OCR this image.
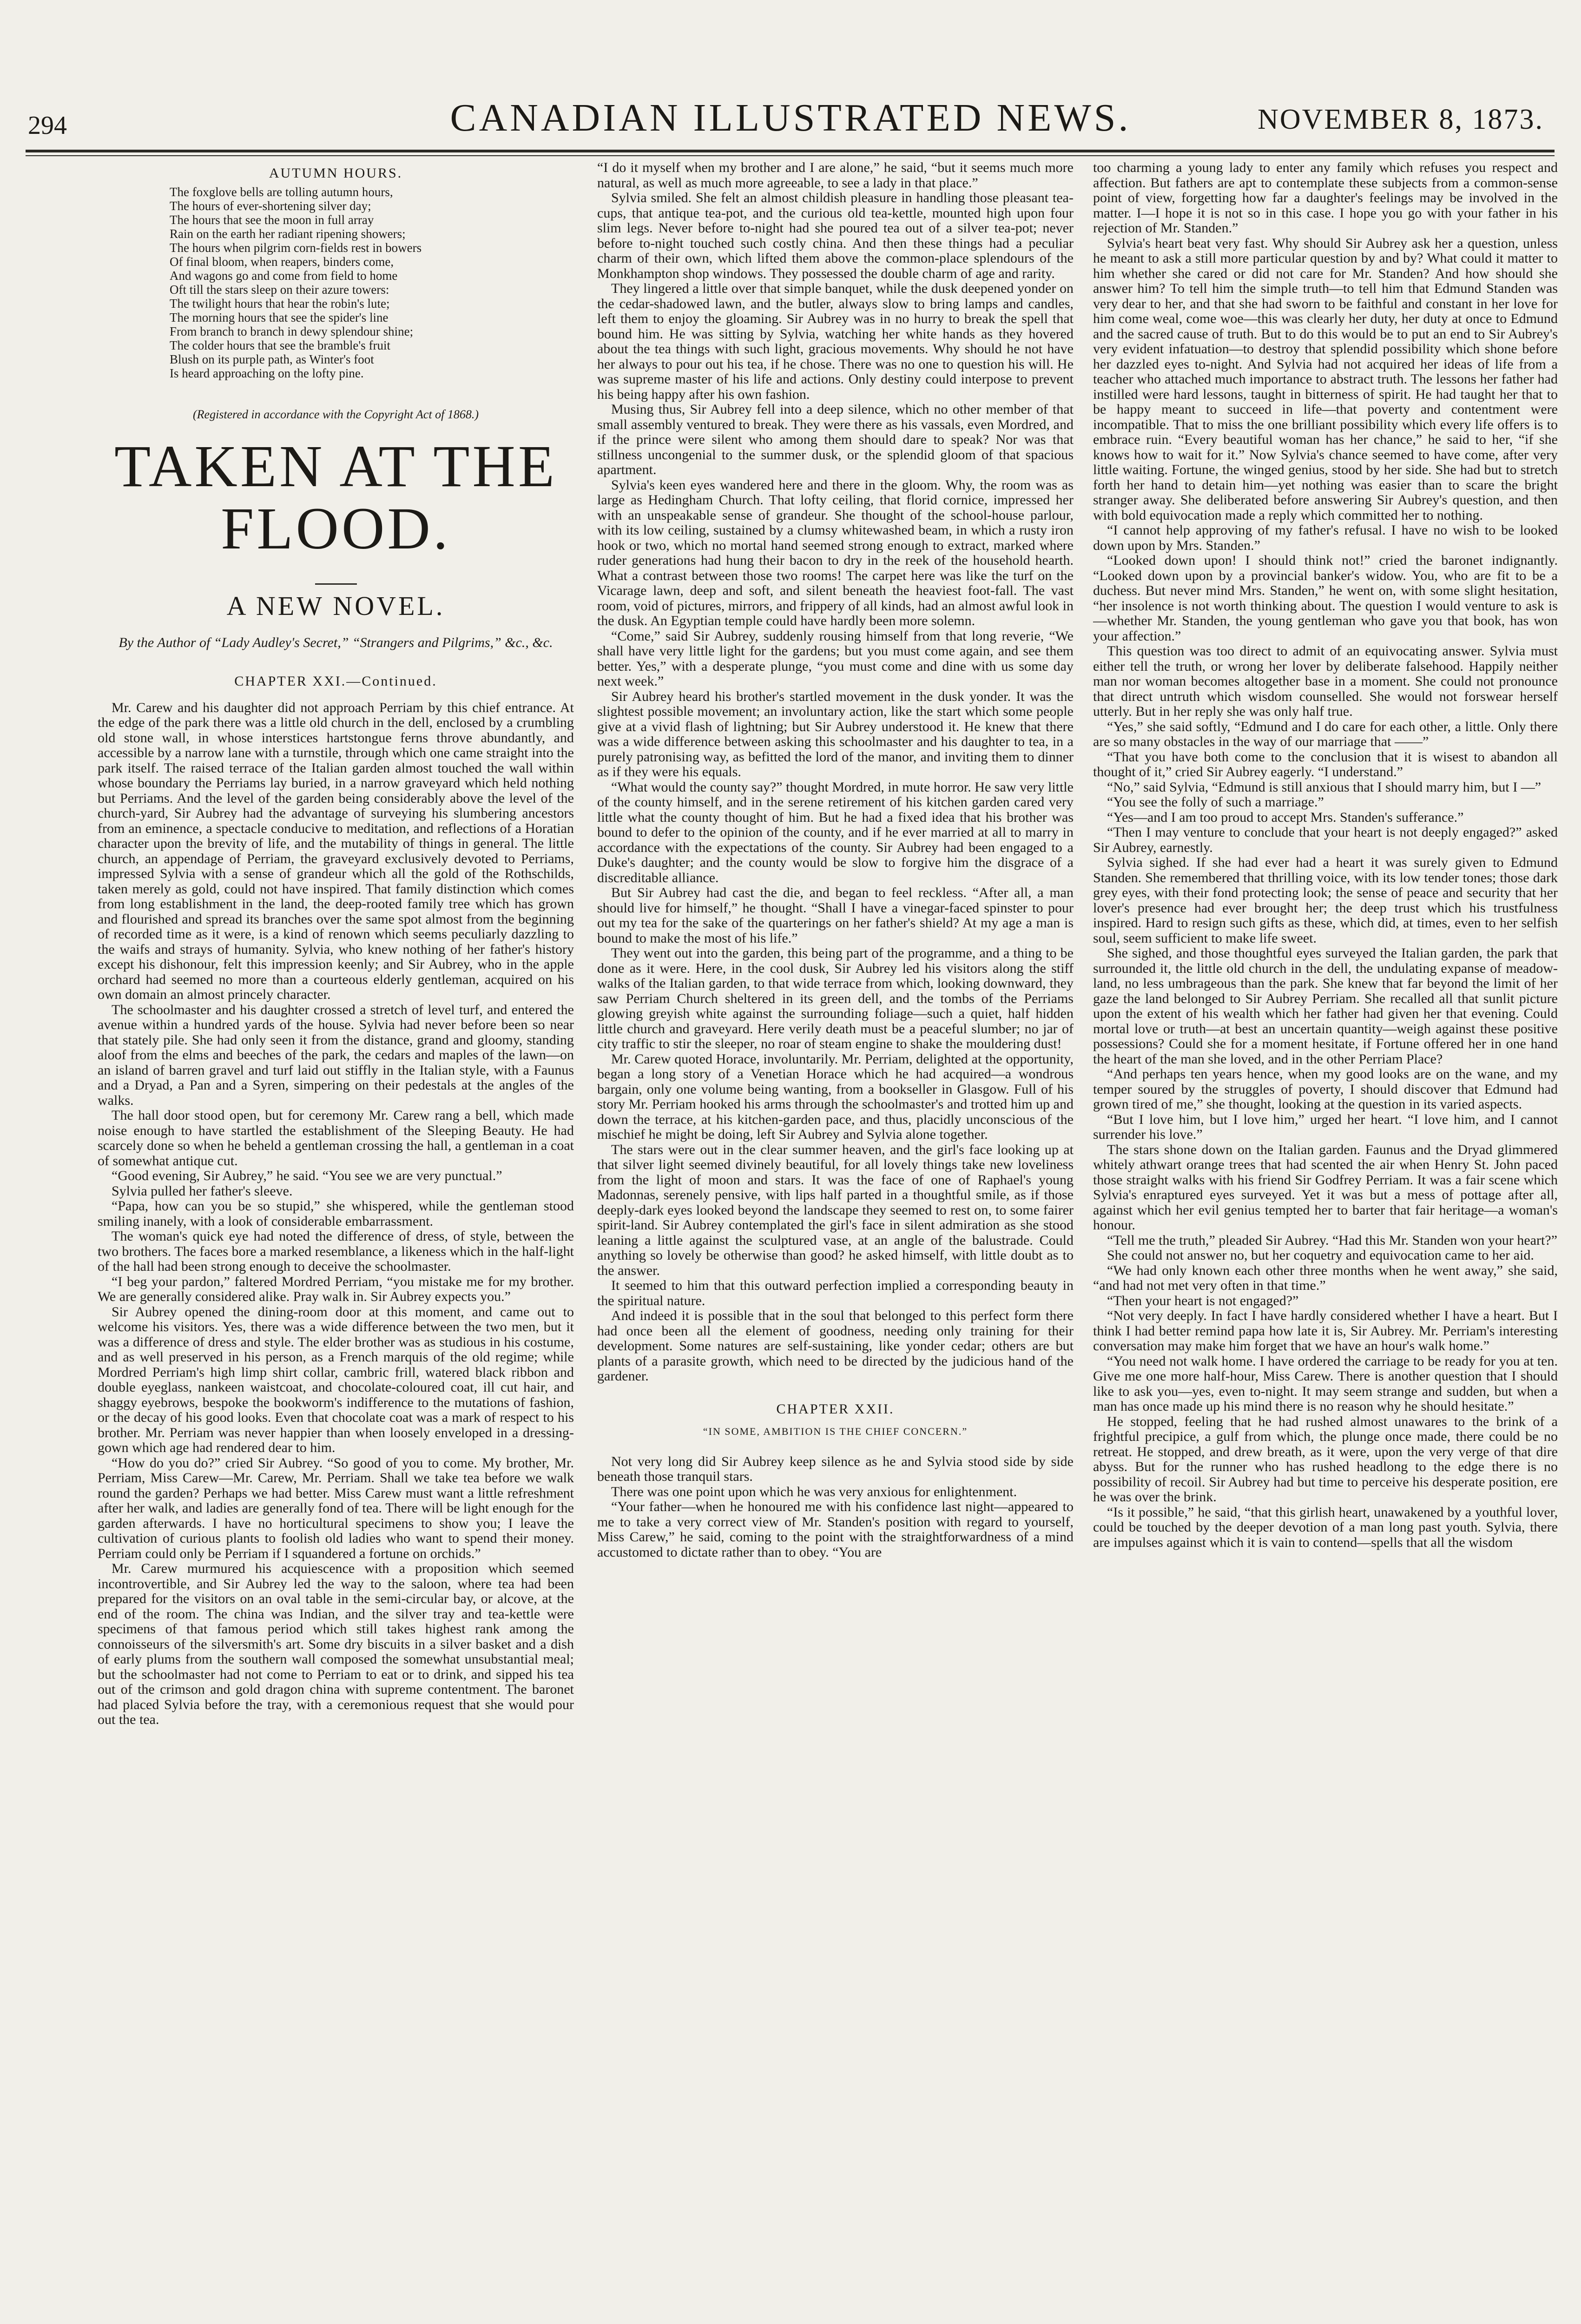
294	CANADIAN ILLUSTRATED NEWS.	NOVEMBER 8, 1873.
AUTUMN HOURS.
The foxglove bells are tolling autumn hours,
The hours of ever-shortening silver day;
The hours that see the moon in full array
Rain on the earth her radiant ripening showers;
The hours when pilgrim corn-fields rest in bowers
Of final bloom, when reapers, binders come,
And wagons go and come from field to home
Oft till the stars sleep on their azure towers:
The twilight hours that hear the robin's lute;
The morning hours that see the spider's line
From branch to branch in dewy splendour shine;
The colder hours that see the bramble's fruit
Blush on its purple path, as Winter's foot
Is heard approaching on the lofty pine.
(Registered in accordance with the Copyright Act of 1868.)
TAKEN AT THE FLOOD.
A NEW NOVEL.
By the Author of “Lady Audley's Secret,” “Strangers and Pilgrims,” &c., &c.
CHAPTER XXI.—Continued.

Mr. Carew and his daughter did not approach Perriam by this chief entrance. At the edge of the park there was a little old church in the dell, enclosed by a crumbling old stone wall, in whose interstices hartstongue ferns throve abundantly, and accessible by a narrow lane with a turnstile, through which one came straight into the park itself. The raised terrace of the Italian garden almost touched the wall within whose boundary the Perriams lay buried, in a narrow graveyard which held nothing but Perriams. And the level of the garden being considerably above the level of the church-yard, Sir Aubrey had the advantage of surveying his slumbering ancestors from an eminence, a spectacle conducive to meditation, and reflections of a Horatian character upon the brevity of life, and the mutability of things in general. The little church, an appendage of Perriam, the graveyard exclusively devoted to Perriams, impressed Sylvia with a sense of grandeur which all the gold of the Rothschilds, taken merely as gold, could not have inspired. That family distinction which comes from long establishment in the land, the deep-rooted family tree which has grown and flourished and spread its branches over the same spot almost from the beginning of recorded time as it were, is a kind of renown which seems peculiarly dazzling to the waifs and strays of humanity. Sylvia, who knew nothing of her father's history except his dishonour, felt this impression keenly; and Sir Aubrey, who in the apple orchard had seemed no more than a courteous elderly gentleman, acquired on his own domain an almost princely character.

The schoolmaster and his daughter crossed a stretch of level turf, and entered the avenue within a hundred yards of the house. Sylvia had never before been so near that stately pile. She had only seen it from the distance, grand and gloomy, standing aloof from the elms and beeches of the park, the cedars and maples of the lawn—on an island of barren gravel and turf laid out stiffly in the Italian style, with a Faunus and a Dryad, a Pan and a Syren, simpering on their pedestals at the angles of the walks.

The hall door stood open, but for ceremony Mr. Carew rang a bell, which made noise enough to have startled the establishment of the Sleeping Beauty. He had scarcely done so when he beheld a gentleman crossing the hall, a gentleman in a coat of somewhat antique cut.

“Good evening, Sir Aubrey,” he said. “You see we are very punctual.”

Sylvia pulled her father's sleeve.

“Papa, how can you be so stupid,” she whispered, while the gentleman stood smiling inanely, with a look of considerable embarrassment.

The woman's quick eye had noted the difference of dress, of style, between the two brothers. The faces bore a marked resemblance, a likeness which in the half-light of the hall had been strong enough to deceive the schoolmaster.

“I beg your pardon,” faltered Mordred Perriam, “you mistake me for my brother. We are generally considered alike. Pray walk in. Sir Aubrey expects you.”

Sir Aubrey opened the dining-room door at this moment, and came out to welcome his visitors. Yes, there was a wide difference between the two men, but it was a difference of dress and style. The elder brother was as studious in his costume, and as well preserved in his person, as a French marquis of the old regime; while Mordred Perriam's high limp shirt collar, cambric frill, watered black ribbon and double eyeglass, nankeen waistcoat, and chocolate-coloured coat, ill cut hair, and shaggy eyebrows, bespoke the bookworm's indifference to the mutations of fashion, or the decay of his good looks. Even that chocolate coat was a mark of respect to his brother. Mr. Perriam was never happier than when loosely enveloped in a dressing-gown which age had rendered dear to him.

“How do you do?” cried Sir Aubrey. “So good of you to come. My brother, Mr. Perriam, Miss Carew—Mr. Carew, Mr. Perriam. Shall we take tea before we walk round the garden? Perhaps we had better. Miss Carew must want a little refreshment after her walk, and ladies are generally fond of tea. There will be light enough for the garden afterwards. I have no horticultural specimens to show you; I leave the cultivation of curious plants to foolish old ladies who want to spend their money. Perriam could only be Perriam if I squandered a fortune on orchids.”

Mr. Carew murmured his acquiescence with a proposition which seemed incontrovertible, and Sir Aubrey led the way to the saloon, where tea had been prepared for the visitors on an oval table in the semi-circular bay, or alcove, at the end of the room. The china was Indian, and the silver tray and tea-kettle were specimens of that famous period which still takes highest rank among the connoisseurs of the silversmith's art. Some dry biscuits in a silver basket and a dish of early plums from the southern wall composed the somewhat unsubstantial meal; but the schoolmaster had not come to Perriam to eat or to drink, and sipped his tea out of the crimson and gold dragon china with supreme contentment. The baronet had placed Sylvia before the tray, with a ceremonious request that she would pour out the tea.

“I do it myself when my brother and I are alone,” he said, “but it seems much more natural, as well as much more agreeable, to see a lady in that place.”

Sylvia smiled. She felt an almost childish pleasure in handling those pleasant tea-cups, that antique tea-pot, and the curious old tea-kettle, mounted high upon four slim legs. Never before to-night had she poured tea out of a silver tea-pot; never before to-night touched such costly china. And then these things had a peculiar charm of their own, which lifted them above the common-place splendours of the Monkhampton shop windows. They possessed the double charm of age and rarity.

They lingered a little over that simple banquet, while the dusk deepened yonder on the cedar-shadowed lawn, and the butler, always slow to bring lamps and candles, left them to enjoy the gloaming. Sir Aubrey was in no hurry to break the spell that bound him. He was sitting by Sylvia, watching her white hands as they hovered about the tea things with such light, gracious movements. Why should he not have her always to pour out his tea, if he chose. There was no one to question his will. He was supreme master of his life and actions. Only destiny could interpose to prevent his being happy after his own fashion.

Musing thus, Sir Aubrey fell into a deep silence, which no other member of that small assembly ventured to break. They were there as his vassals, even Mordred, and if the prince were silent who among them should dare to speak? Nor was that stillness uncongenial to the summer dusk, or the splendid gloom of that spacious apartment.

Sylvia's keen eyes wandered here and there in the gloom. Why, the room was as large as Hedingham Church. That lofty ceiling, that florid cornice, impressed her with an unspeakable sense of grandeur. She thought of the school-house parlour, with its low ceiling, sustained by a clumsy whitewashed beam, in which a rusty iron hook or two, which no mortal hand seemed strong enough to extract, marked where ruder generations had hung their bacon to dry in the reek of the household hearth. What a contrast between those two rooms! The carpet here was like the turf on the Vicarage lawn, deep and soft, and silent beneath the heaviest foot-fall. The vast room, void of pictures, mirrors, and frippery of all kinds, had an almost awful look in the dusk. An Egyptian temple could have hardly been more solemn.

“Come,” said Sir Aubrey, suddenly rousing himself from that long reverie, “We shall have very little light for the gardens; but you must come again, and see them better. Yes,” with a desperate plunge, “you must come and dine with us some day next week.”

Sir Aubrey heard his brother's startled movement in the dusk yonder. It was the slightest possible movement; an involuntary action, like the start which some people give at a vivid flash of lightning; but Sir Aubrey understood it. He knew that there was a wide difference between asking this schoolmaster and his daughter to tea, in a purely patronising way, as befitted the lord of the manor, and inviting them to dinner as if they were his equals.

“What would the county say?” thought Mordred, in mute horror. He saw very little of the county himself, and in the serene retirement of his kitchen garden cared very little what the county thought of him. But he had a fixed idea that his brother was bound to defer to the opinion of the county, and if he ever married at all to marry in accordance with the expectations of the county. Sir Aubrey had been engaged to a Duke's daughter; and the county would be slow to forgive him the disgrace of a discreditable alliance.

But Sir Aubrey had cast the die, and began to feel reckless. “After all, a man should live for himself,” he thought. “Shall I have a vinegar-faced spinster to pour out my tea for the sake of the quarterings on her father's shield? At my age a man is bound to make the most of his life.”

They went out into the garden, this being part of the programme, and a thing to be done as it were. Here, in the cool dusk, Sir Aubrey led his visitors along the stiff walks of the Italian garden, to that wide terrace from which, looking downward, they saw Perriam Church sheltered in its green dell, and the tombs of the Perriams glowing greyish white against the surrounding foliage—such a quiet, half hidden little church and graveyard. Here verily death must be a peaceful slumber; no jar of city traffic to stir the sleeper, no roar of steam engine to shake the mouldering dust!

Mr. Carew quoted Horace, involuntarily. Mr. Perriam, delighted at the opportunity, began a long story of a Venetian Horace which he had acquired—a wondrous bargain, only one volume being wanting, from a bookseller in Glasgow. Full of his story Mr. Perriam hooked his arms through the schoolmaster's and trotted him up and down the terrace, at his kitchen-garden pace, and thus, placidly unconscious of the mischief he might be doing, left Sir Aubrey and Sylvia alone together.

The stars were out in the clear summer heaven, and the girl's face looking up at that silver light seemed divinely beautiful, for all lovely things take new loveliness from the light of moon and stars. It was the face of one of Raphael's young Madonnas, serenely pensive, with lips half parted in a thoughtful smile, as if those deeply-dark eyes looked beyond the landscape they seemed to rest on, to some fairer spirit-land. Sir Aubrey contemplated the girl's face in silent admiration as she stood leaning a little against the sculptured vase, at an angle of the balustrade. Could anything so lovely be otherwise than good? he asked himself, with little doubt as to the answer.

It seemed to him that this outward perfection implied a corresponding beauty in the spiritual nature.

And indeed it is possible that in the soul that belonged to this perfect form there had once been all the element of goodness, needing only training for their development. Some natures are self-sustaining, like yonder cedar; others are but plants of a parasite growth, which need to be directed by the judicious hand of the gardener.

CHAPTER XXII.
“IN SOME, AMBITION IS THE CHIEF CONCERN.”

Not very long did Sir Aubrey keep silence as he and Sylvia stood side by side beneath those tranquil stars.

There was one point upon which he was very anxious for enlightenment.

“Your father—when he honoured me with his confidence last night—appeared to me to take a very correct view of Mr. Standen's position with regard to yourself, Miss Carew,” he said, coming to the point with the straightforwardness of a mind accustomed to dictate rather than to obey. “You are

too charming a young lady to enter any family which refuses you respect and affection. But fathers are apt to contemplate these subjects from a common-sense point of view, forgetting how far a daughter's feelings may be involved in the matter. I—I hope it is not so in this case. I hope you go with your father in his rejection of Mr. Standen.”

Sylvia's heart beat very fast. Why should Sir Aubrey ask her a question, unless he meant to ask a still more particular question by and by? What could it matter to him whether she cared or did not care for Mr. Standen? And how should she answer him? To tell him the simple truth—to tell him that Edmund Standen was very dear to her, and that she had sworn to be faithful and constant in her love for him come weal, come woe—this was clearly her duty, her duty at once to Edmund and the sacred cause of truth. But to do this would be to put an end to Sir Aubrey's very evident infatuation—to destroy that splendid possibility which shone before her dazzled eyes to-night. And Sylvia had not acquired her ideas of life from a teacher who attached much importance to abstract truth. The lessons her father had instilled were hard lessons, taught in bitterness of spirit. He had taught her that to be happy meant to succeed in life—that poverty and contentment were incompatible. That to miss the one brilliant possibility which every life offers is to embrace ruin. “Every beautiful woman has her chance,” he said to her, “if she knows how to wait for it.” Now Sylvia's chance seemed to have come, after very little waiting. Fortune, the winged genius, stood by her side. She had but to stretch forth her hand to detain him—yet nothing was easier than to scare the bright stranger away. She deliberated before answering Sir Aubrey's question, and then with bold equivocation made a reply which committed her to nothing.

“I cannot help approving of my father's refusal. I have no wish to be looked down upon by Mrs. Standen.”

“Looked down upon! I should think not!” cried the baronet indignantly. “Looked down upon by a provincial banker's widow. You, who are fit to be a duchess. But never mind Mrs. Standen,” he went on, with some slight hesitation, “her insolence is not worth thinking about. The question I would venture to ask is—whether Mr. Standen, the young gentleman who gave you that book, has won your affection.”

This question was too direct to admit of an equivocating answer. Sylvia must either tell the truth, or wrong her lover by deliberate falsehood. Happily neither man nor woman becomes altogether base in a moment. She could not pronounce that direct untruth which wisdom counselled. She would not forswear herself utterly. But in her reply she was only half true.

“Yes,” she said softly, “Edmund and I do care for each other, a little. Only there are so many obstacles in the way of our marriage that ——”

“That you have both come to the conclusion that it is wisest to abandon all thought of it,” cried Sir Aubrey eagerly. “I understand.”

“No,” said Sylvia, “Edmund is still anxious that I should marry him, but I —”

“You see the folly of such a marriage.”

“Yes—and I am too proud to accept Mrs. Standen's sufferance.”

“Then I may venture to conclude that your heart is not deeply engaged?” asked Sir Aubrey, earnestly.

Sylvia sighed. If she had ever had a heart it was surely given to Edmund Standen. She remembered that thrilling voice, with its low tender tones; those dark grey eyes, with their fond protecting look; the sense of peace and security that her lover's presence had ever brought her; the deep trust which his trustfulness inspired. Hard to resign such gifts as these, which did, at times, even to her selfish soul, seem sufficient to make life sweet.

She sighed, and those thoughtful eyes surveyed the Italian garden, the park that surrounded it, the little old church in the dell, the undulating expanse of meadow-land, no less umbrageous than the park. She knew that far beyond the limit of her gaze the land belonged to Sir Aubrey Perriam. She recalled all that sunlit picture upon the extent of his wealth which her father had given her that evening. Could mortal love or truth—at best an uncertain quantity—weigh against these positive possessions? Could she for a moment hesitate, if Fortune offered her in one hand the heart of the man she loved, and in the other Perriam Place?

“And perhaps ten years hence, when my good looks are on the wane, and my temper soured by the struggles of poverty, I should discover that Edmund had grown tired of me,” she thought, looking at the question in its varied aspects.

“But I love him, but I love him,” urged her heart. “I love him, and I cannot surrender his love.”

The stars shone down on the Italian garden. Faunus and the Dryad glimmered whitely athwart orange trees that had scented the air when Henry St. John paced those straight walks with his friend Sir Godfrey Perriam. It was a fair scene which Sylvia's enraptured eyes surveyed. Yet it was but a mess of pottage after all, against which her evil genius tempted her to barter that fair heritage—a woman's honour.

“Tell me the truth,” pleaded Sir Aubrey. “Had this Mr. Standen won your heart?”

She could not answer no, but her coquetry and equivocation came to her aid.

“We had only known each other three months when he went away,” she said, “and had not met very often in that time.”

“Then your heart is not engaged?”

“Not very deeply. In fact I have hardly considered whether I have a heart. But I think I had better remind papa how late it is, Sir Aubrey. Mr. Perriam's interesting conversation may make him forget that we have an hour's walk home.”

“You need not walk home. I have ordered the carriage to be ready for you at ten. Give me one more half-hour, Miss Carew. There is another question that I should like to ask you—yes, even to-night. It may seem strange and sudden, but when a man has once made up his mind there is no reason why he should hesitate.”

He stopped, feeling that he had rushed almost unawares to the brink of a frightful precipice, a gulf from which, the plunge once made, there could be no retreat. He stopped, and drew breath, as it were, upon the very verge of that dire abyss. But for the runner who has rushed headlong to the edge there is no possibility of recoil. Sir Aubrey had but time to perceive his desperate position, ere he was over the brink.

“Is it possible,” he said, “that this girlish heart, unawakened by a youthful lover, could be touched by the deeper devotion of a man long past youth. Sylvia, there are impulses against which it is vain to contend—spells that all the wisdom
